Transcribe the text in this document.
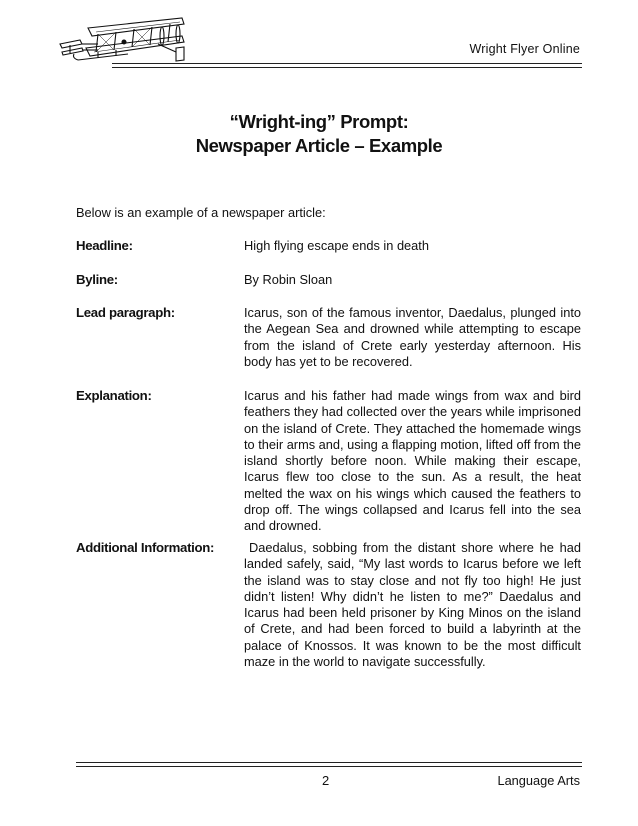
Wright Flyer Online
“Wright-ing” Prompt:
Newspaper Article – Example
Below is an example of a newspaper article:
Headline:	High flying escape ends in death
Byline:	By Robin Sloan
Lead paragraph:	Icarus, son of the famous inventor, Daedalus, plunged into the Aegean Sea and drowned while attempting to escape from the island of Crete early yesterday afternoon. His body has yet to be recovered.
Explanation:	Icarus and his father had made wings from wax and bird feathers they had collected over the years while imprisoned on the island of Crete. They attached the homemade wings to their arms and, using a flapping motion, lifted off from the island shortly before noon. While making their escape, Icarus flew too close to the sun. As a result, the heat melted the wax on his wings which caused the feathers to drop off. The wings collapsed and Icarus fell into the sea and drowned.
Additional Information:	Daedalus, sobbing from the distant shore where he had landed safely, said, “My last words to Icarus before we left the island was to stay close and not fly too high! He just didn’t listen! Why didn’t he listen to me?” Daedalus and Icarus had been held prisoner by King Minos on the island of Crete, and had been forced to build a labyrinth at the palace of Knossos. It was known to be the most difficult maze in the world to navigate successfully.
2	Language Arts
